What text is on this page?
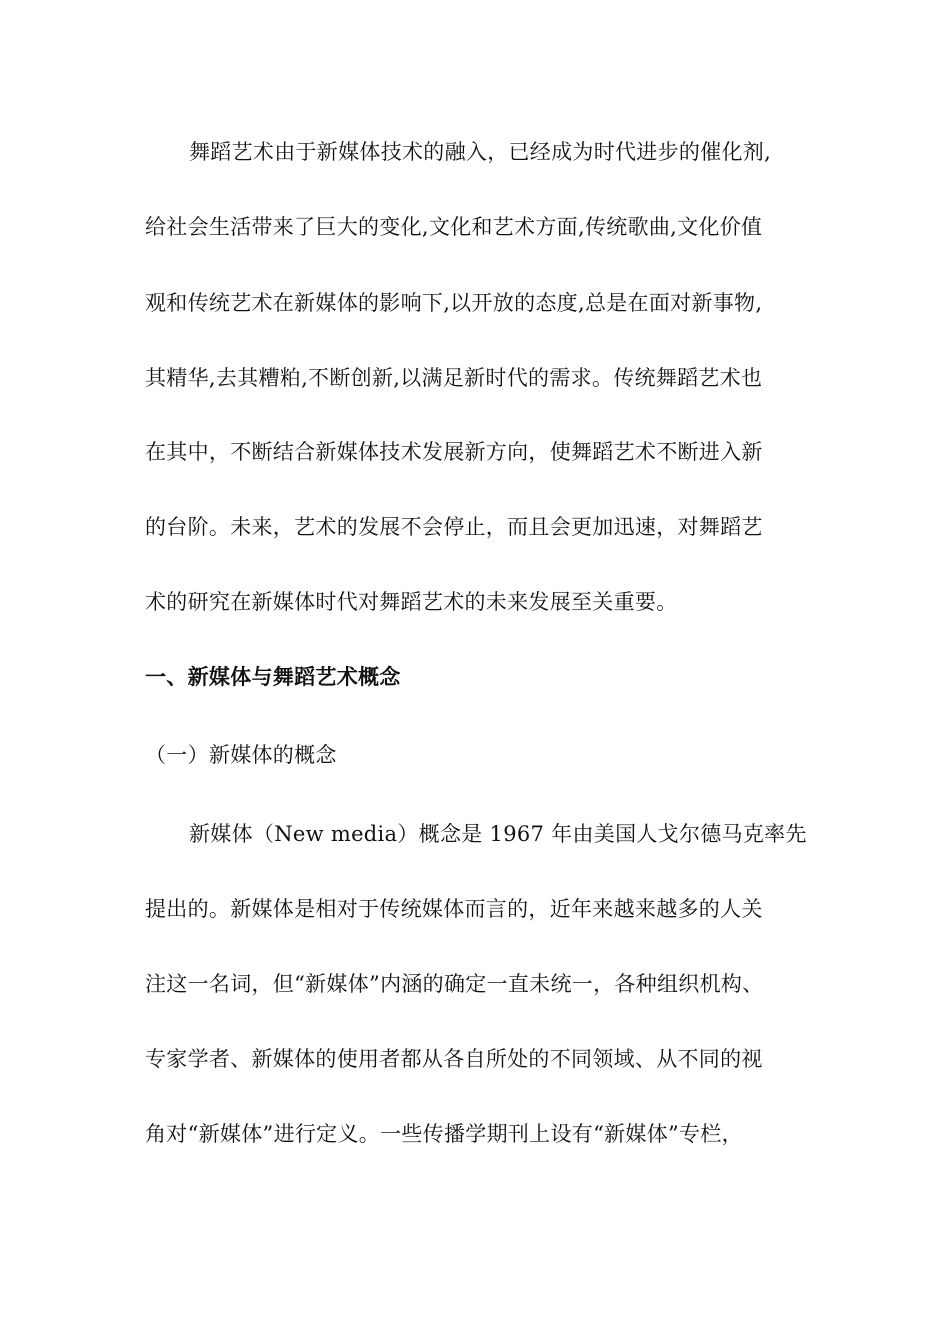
舞蹈艺术由于新媒体技术的融入，已经成为时代进步的催化剂,
给社会生活带来了巨大的变化,文化和艺术方面,传统歌曲,文化价值
观和传统艺术在新媒体的影响下,以开放的态度,总是在面对新事物,
其精华,去其糟粕,不断创新,以满足新时代的需求。传统舞蹈艺术也
在其中，不断结合新媒体技术发展新方向，使舞蹈艺术不断进入新
的台阶。未来，艺术的发展不会停止，而且会更加迅速，对舞蹈艺
术的研究在新媒体时代对舞蹈艺术的未来发展至关重要。
一、新媒体与舞蹈艺术概念
（一）新媒体的概念
新媒体（New media）概念是 1967 年由美国人戈尔德马克率先
提出的。新媒体是相对于传统媒体而言的，近年来越来越多的人关
注这一名词，但“新媒体”内涵的确定一直未统一，各种组织机构、
专家学者、新媒体的使用者都从各自所处的不同领域、从不同的视
角对“新媒体”进行定义。一些传播学期刊上设有“新媒体”专栏，
